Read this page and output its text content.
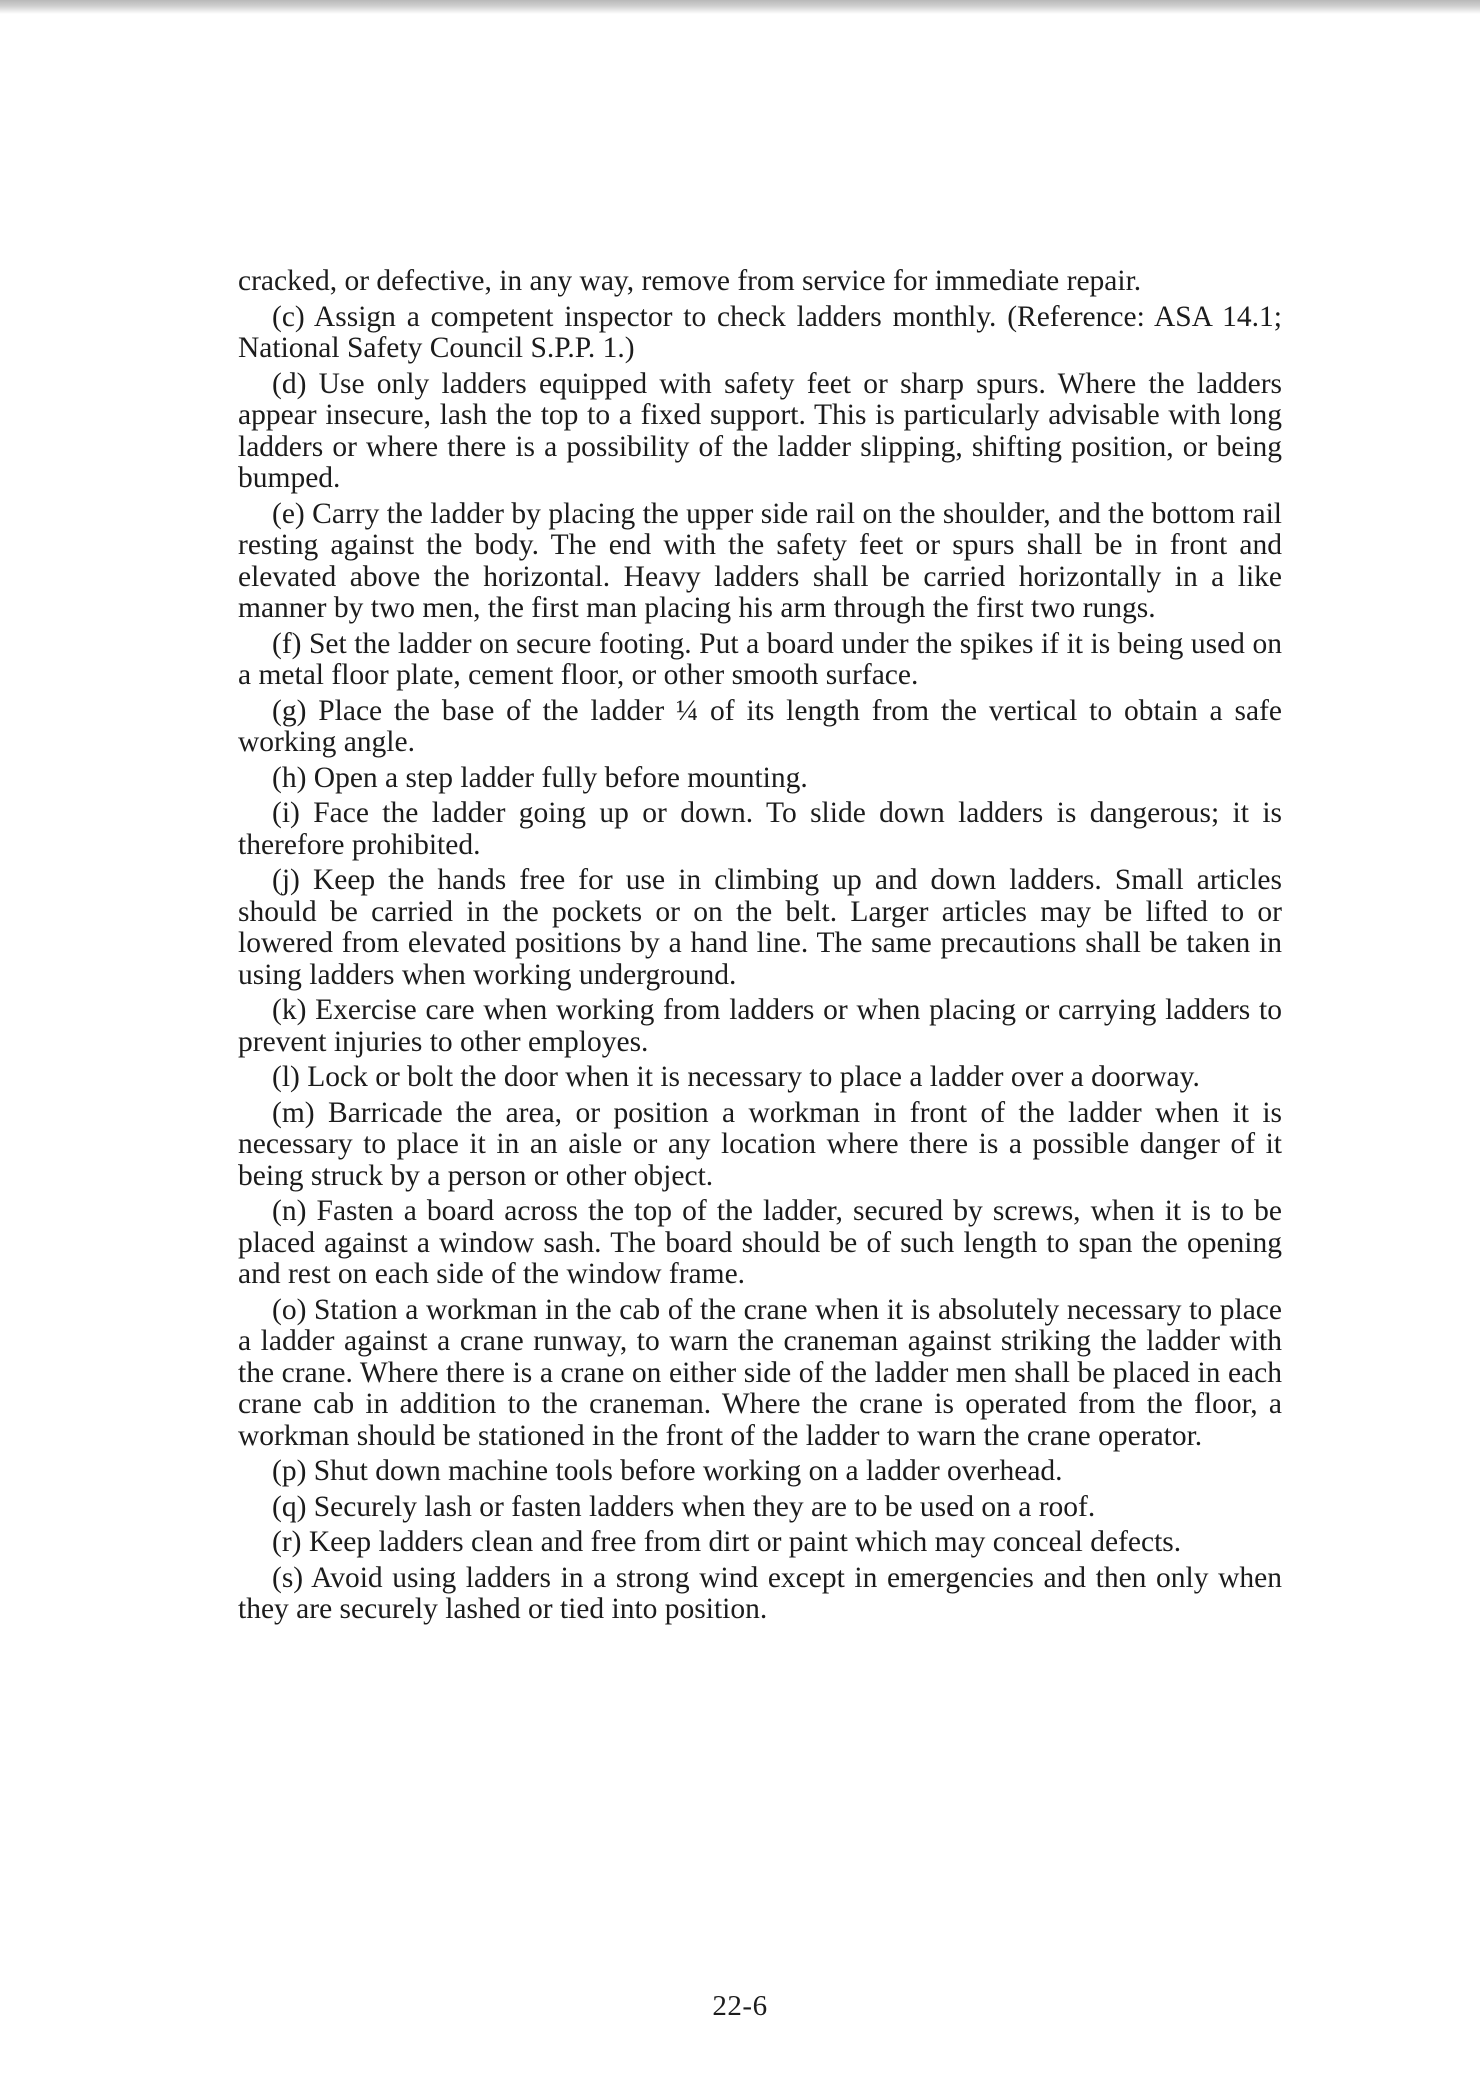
cracked, or defective, in any way, remove from service for immediate repair.

(c) Assign a competent inspector to check ladders monthly. (Reference: ASA 14.1; National Safety Council S.P.P. 1.)

(d) Use only ladders equipped with safety feet or sharp spurs. Where the ladders appear insecure, lash the top to a fixed support. This is particularly advisable with long ladders or where there is a possibility of the ladder slipping, shifting position, or being bumped.

(e) Carry the ladder by placing the upper side rail on the shoulder, and the bottom rail resting against the body. The end with the safety feet or spurs shall be in front and elevated above the horizontal. Heavy ladders shall be carried horizontally in a like manner by two men, the first man placing his arm through the first two rungs.

(f) Set the ladder on secure footing. Put a board under the spikes if it is being used on a metal floor plate, cement floor, or other smooth surface.

(g) Place the base of the ladder ¼ of its length from the vertical to obtain a safe working angle.

(h) Open a step ladder fully before mounting.

(i) Face the ladder going up or down. To slide down ladders is dangerous; it is therefore prohibited.

(j) Keep the hands free for use in climbing up and down ladders. Small articles should be carried in the pockets or on the belt. Larger articles may be lifted to or lowered from elevated positions by a hand line. The same precautions shall be taken in using ladders when working underground.

(k) Exercise care when working from ladders or when placing or carrying ladders to prevent injuries to other employes.

(l) Lock or bolt the door when it is necessary to place a ladder over a doorway.

(m) Barricade the area, or position a workman in front of the ladder when it is necessary to place it in an aisle or any location where there is a possible danger of it being struck by a person or other object.

(n) Fasten a board across the top of the ladder, secured by screws, when it is to be placed against a window sash. The board should be of such length to span the opening and rest on each side of the window frame.

(o) Station a workman in the cab of the crane when it is absolutely necessary to place a ladder against a crane runway, to warn the craneman against striking the ladder with the crane. Where there is a crane on either side of the ladder men shall be placed in each crane cab in addition to the craneman. Where the crane is operated from the floor, a workman should be stationed in the front of the ladder to warn the crane operator.

(p) Shut down machine tools before working on a ladder overhead.

(q) Securely lash or fasten ladders when they are to be used on a roof.

(r) Keep ladders clean and free from dirt or paint which may conceal defects.

(s) Avoid using ladders in a strong wind except in emergencies and then only when they are securely lashed or tied into position.

22-6
